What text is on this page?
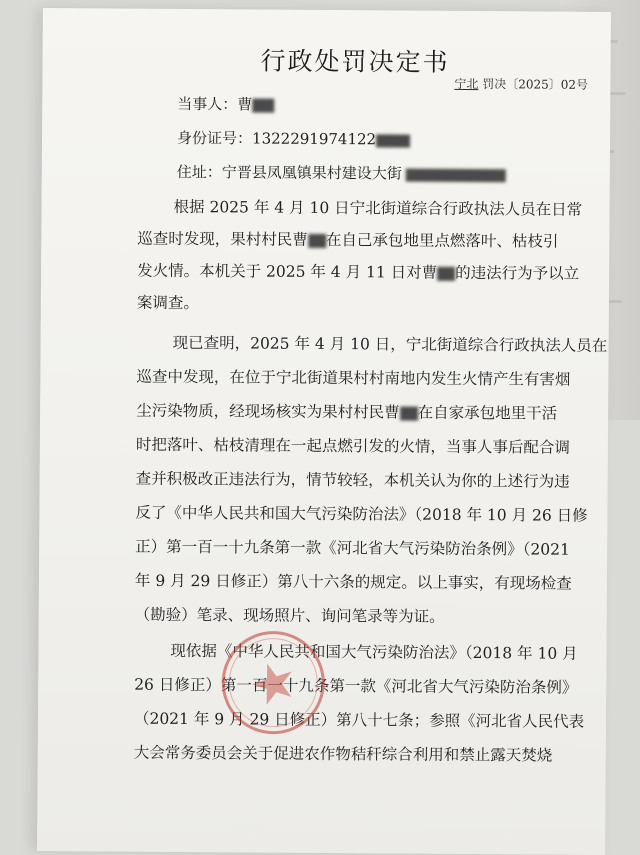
行政处罚决定书
宁北 罚决〔2025〕02号
当事人：曹
身份证号：1322291974122
住址：宁晋县凤凰镇果村建设大街
根据 2025 年 4 月 10 日宁北街道综合行政执法人员在日常
巡查时发现，果村村民曹 在自己承包地里点燃落叶、枯枝引
发火情。本机关于 2025 年 4 月 11 日对曹 的违法行为予以立
案调查。
现已查明，2025 年 4 月 10 日，宁北街道综合行政执法人员在
巡查中发现，在位于宁北街道果村村南地内发生火情产生有害烟
尘污染物质，经现场核实为果村村民曹 在自家承包地里干活
时把落叶、枯枝清理在一起点燃引发的火情，当事人事后配合调
查并积极改正违法行为，情节较轻，本机关认为你的上述行为违
反了《中华人民共和国大气污染防治法》（2018 年 10 月 26 日修
正）第一百一十九条第一款《河北省大气污染防治条例》（2021
年 9 月 29 日修正）第八十六条的规定。以上事实，有现场检查
（勘验）笔录、现场照片、询问笔录等为证。
现依据《中华人民共和国大气污染防治法》（2018 年 10 月
26 日修正）第一百一十九条第一款《河北省大气污染防治条例》
（2021 年 9 月 29 日修正）第八十七条；参照《河北省人民代表
大会常务委员会关于促进农作物秸秆综合利用和禁止露天焚烧
